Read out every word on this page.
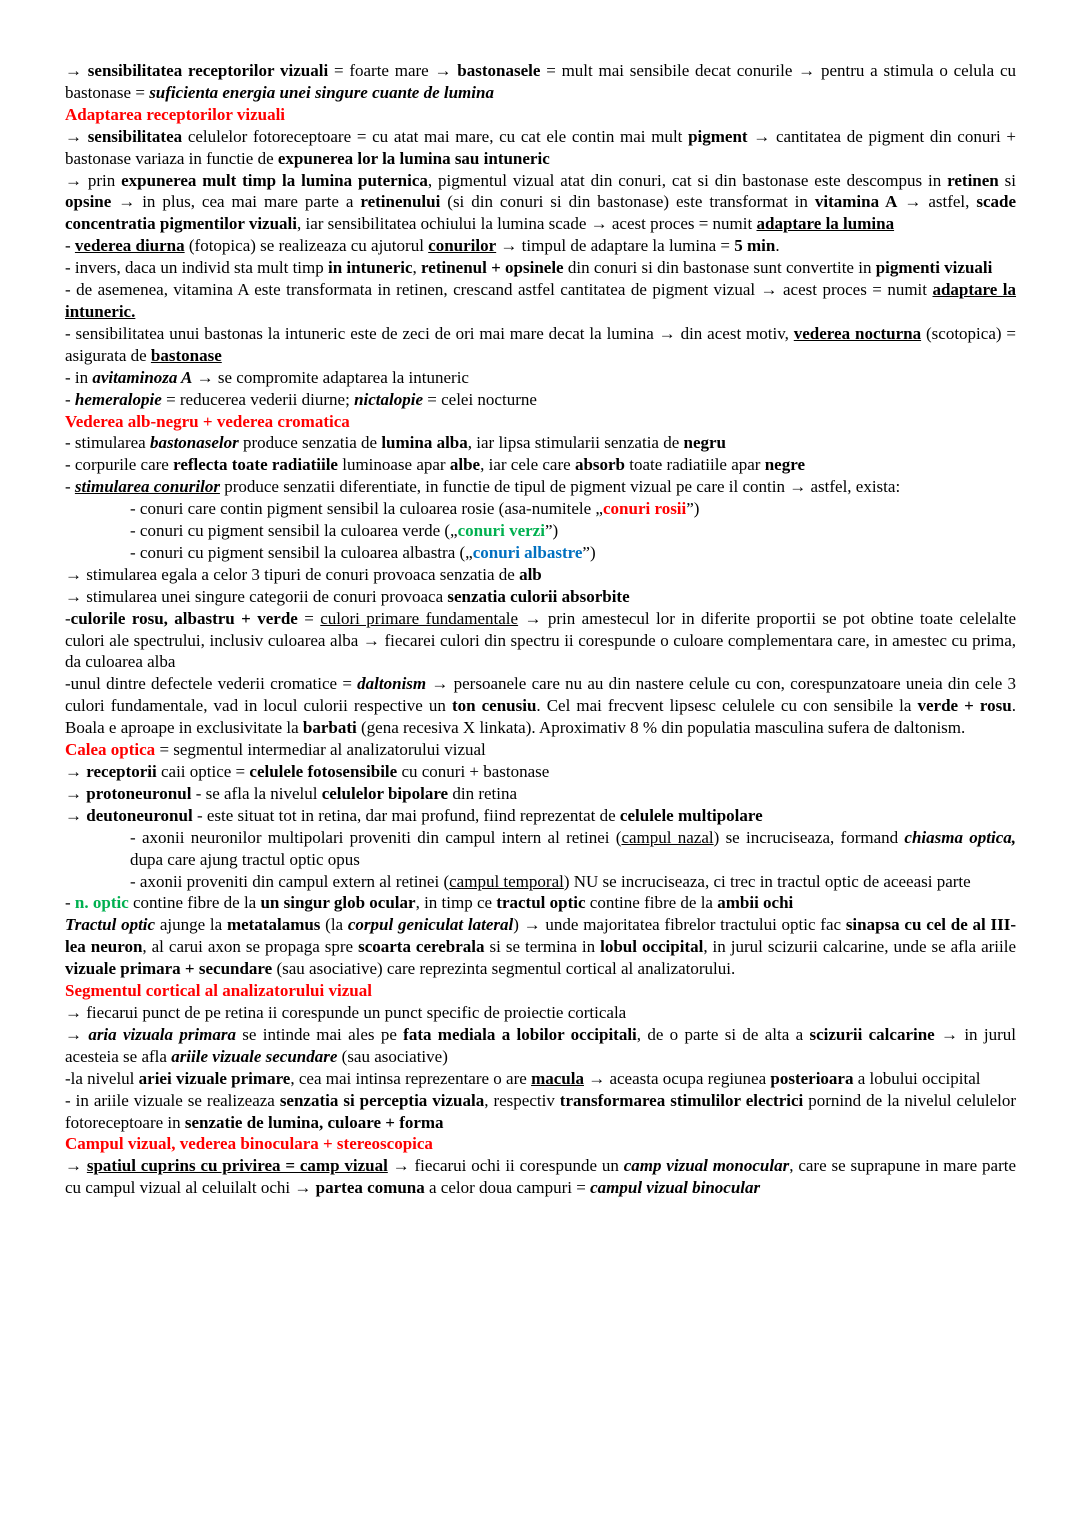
→ sensibilitatea receptorilor vizuali = foarte mare → bastonasele = mult mai sensibile decat conurile → pentru a stimula o celula cu bastonase = suficienta energia unei singure cuante de lumina

Adaptarea receptorilor vizuali

→ sensibilitatea celulelor fotoreceptoare = cu atat mai mare, cu cat ele contin mai mult pigment → cantitatea de pigment din conuri + bastonase variaza in functie de expunerea lor la lumina sau intuneric

→ prin expunerea mult timp la lumina puternica, pigmentul vizual atat din conuri, cat si din bastonase este descompus in retinen si opsine → in plus, cea mai mare parte a retinenului (si din conuri si din bastonase) este transformat in vitamina A → astfel, scade concentratia pigmentilor vizuali, iar sensibilitatea ochiului la lumina scade → acest proces = numit adaptare la lumina

- vederea diurna (fotopica) se realizeaza cu ajutorul conurilor → timpul de adaptare la lumina = 5 min.

- invers, daca un individ sta mult timp in intuneric, retinenul + opsinele din conuri si din bastonase sunt convertite in pigmenti vizuali

- de asemenea, vitamina A este transformata in retinen, crescand astfel cantitatea de pigment vizual → acest proces = numit adaptare la intuneric.

- sensibilitatea unui bastonas la intuneric este de zeci de ori mai mare decat la lumina → din acest motiv, vederea nocturna (scotopica) = asigurata de bastonase

- in avitaminoza A → se compromite adaptarea la intuneric

- hemeralopie = reducerea vederii diurne; nictalopie = celei nocturne

Vederea alb-negru + vederea cromatica

- stimularea bastonaselor produce senzatia de lumina alba, iar lipsa stimularii senzatia de negru

- corpurile care reflecta toate radiatiile luminoase apar albe, iar cele care absorb toate radiatiile apar negre

- stimularea conurilor produce senzatii diferentiate, in functie de tipul de pigment vizual pe care il contin → astfel, exista:

- conuri care contin pigment sensibil la culoarea rosie (asa-numitele „conuri rosii”)

- conuri cu pigment sensibil la culoarea verde („conuri verzi”)

- conuri cu pigment sensibil la culoarea albastra („conuri albastre”)

→ stimularea egala a celor 3 tipuri de conuri provoaca senzatia de alb

→ stimularea unei singure categorii de conuri provoaca senzatia culorii absorbite

-culorile rosu, albastru + verde = culori primare fundamentale → prin amestecul lor in diferite proportii se pot obtine toate celelalte culori ale spectrului, inclusiv culoarea alba → fiecarei culori din spectru ii corespunde o culoare complementara care, in amestec cu prima, da culoarea alba

-unul dintre defectele vederii cromatice = daltonism → persoanele care nu au din nastere celule cu con, corespunzatoare uneia din cele 3 culori fundamentale, vad in locul culorii respective un ton cenusiu. Cel mai frecvent lipsesc celulele cu con sensibile la verde + rosu. Boala e aproape in exclusivitate la barbati (gena recesiva X linkata). Aproximativ 8 % din populatia masculina sufera de daltonism.

Calea optica = segmentul intermediar al analizatorului vizual

→ receptorii caii optice = celulele fotosensibile cu conuri + bastonase

→ protoneuronul - se afla la nivelul celulelor bipolare din retina

→ deutoneuronul - este situat tot in retina, dar mai profund, fiind reprezentat de celulele multipolare

- axonii neuronilor multipolari proveniti din campul intern al retinei (campul nazal) se incruciseaza, formand chiasma optica, dupa care ajung tractul optic opus

- axonii proveniti din campul extern al retinei (campul temporal) NU se incruciseaza, ci trec in tractul optic de aceeasi parte

- n. optic contine fibre de la un singur glob ocular, in timp ce tractul optic contine fibre de la ambii ochi

Tractul optic ajunge la metatalamus (la corpul geniculat lateral) → unde majoritatea fibrelor tractului optic fac sinapsa cu cel de al III-lea neuron, al carui axon se propaga spre scoarta cerebrala si se termina in lobul occipital, in jurul scizurii calcarine, unde se afla ariile vizuale primara + secundare (sau asociative) care reprezinta segmentul cortical al analizatorului.

Segmentul cortical al analizatorului vizual

→ fiecarui punct de pe retina ii corespunde un punct specific de proiectie corticala

→ aria vizuala primara se intinde mai ales pe fata mediala a lobilor occipitali, de o parte si de alta a scizurii calcarine → in jurul acesteia se afla ariile vizuale secundare (sau asociative)

-la nivelul ariei vizuale primare, cea mai intinsa reprezentare o are macula → aceasta ocupa regiunea posterioara a lobului occipital

- in ariile vizuale se realizeaza senzatia si perceptia vizuala, respectiv transformarea stimulilor electrici pornind de la nivelul celulelor fotoreceptoare in senzatie de lumina, culoare + forma

Campul vizual, vederea binoculara + stereoscopica

→ spatiul cuprins cu privirea = camp vizual → fiecarui ochi ii corespunde un camp vizual monocular, care se suprapune in mare parte cu campul vizual al celuilalt ochi → partea comuna a celor doua campuri = campul vizual binocular
